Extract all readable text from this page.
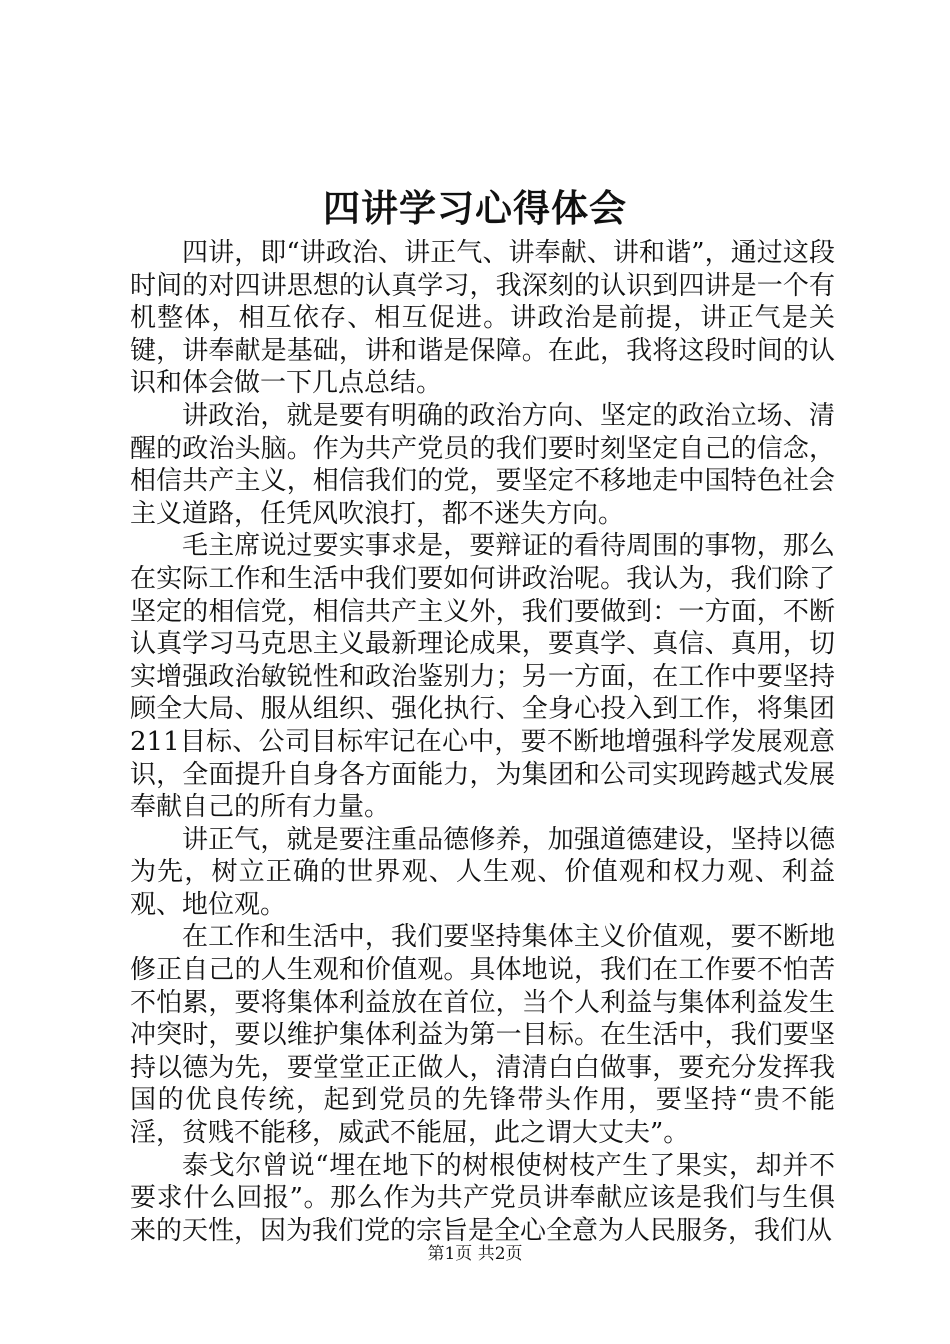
四讲学习心得体会

四讲，即“讲政治、讲正气、讲奉献、讲和谐”，通过这段时间的对四讲思想的认真学习，我深刻的认识到四讲是一个有机整体，相互依存、相互促进。讲政治是前提，讲正气是关键，讲奉献是基础，讲和谐是保障。在此，我将这段时间的认识和体会做一下几点总结。

讲政治，就是要有明确的政治方向、坚定的政治立场、清醒的政治头脑。作为共产党员的我们要时刻坚定自己的信念，相信共产主义，相信我们的党，要坚定不移地走中国特色社会主义道路，任凭风吹浪打，都不迷失方向。

毛主席说过要实事求是，要辩证的看待周围的事物，那么在实际工作和生活中我们要如何讲政治呢。我认为，我们除了坚定的相信党，相信共产主义外，我们要做到：一方面，不断认真学习马克思主义最新理论成果，要真学、真信、真用，切实增强政治敏锐性和政治鉴别力；另一方面，在工作中要坚持顾全大局、服从组织、强化执行、全身心投入到工作，将集团211目标、公司目标牢记在心中，要不断地增强科学发展观意识，全面提升自身各方面能力，为集团和公司实现跨越式发展奉献自己的所有力量。

讲正气，就是要注重品德修养，加强道德建设，坚持以德为先，树立正确的世界观、人生观、价值观和权力观、利益观、地位观。

在工作和生活中，我们要坚持集体主义价值观，要不断地修正自己的人生观和价值观。具体地说，我们在工作要不怕苦不怕累，要将集体利益放在首位，当个人利益与集体利益发生冲突时，要以维护集体利益为第一目标。在生活中，我们要坚持以德为先，要堂堂正正做人，清清白白做事，要充分发挥我国的优良传统，起到党员的先锋带头作用，要坚持“贵不能淫，贫贱不能移，威武不能屈，此之谓大丈夫”。

泰戈尔曾说“埋在地下的树根使树枝产生了果实，却并不要求什么回报”。那么作为共产党员讲奉献应该是我们与生俱来的天性，因为我们党的宗旨是全心全意为人民服务，我们从

第1页 共2页
